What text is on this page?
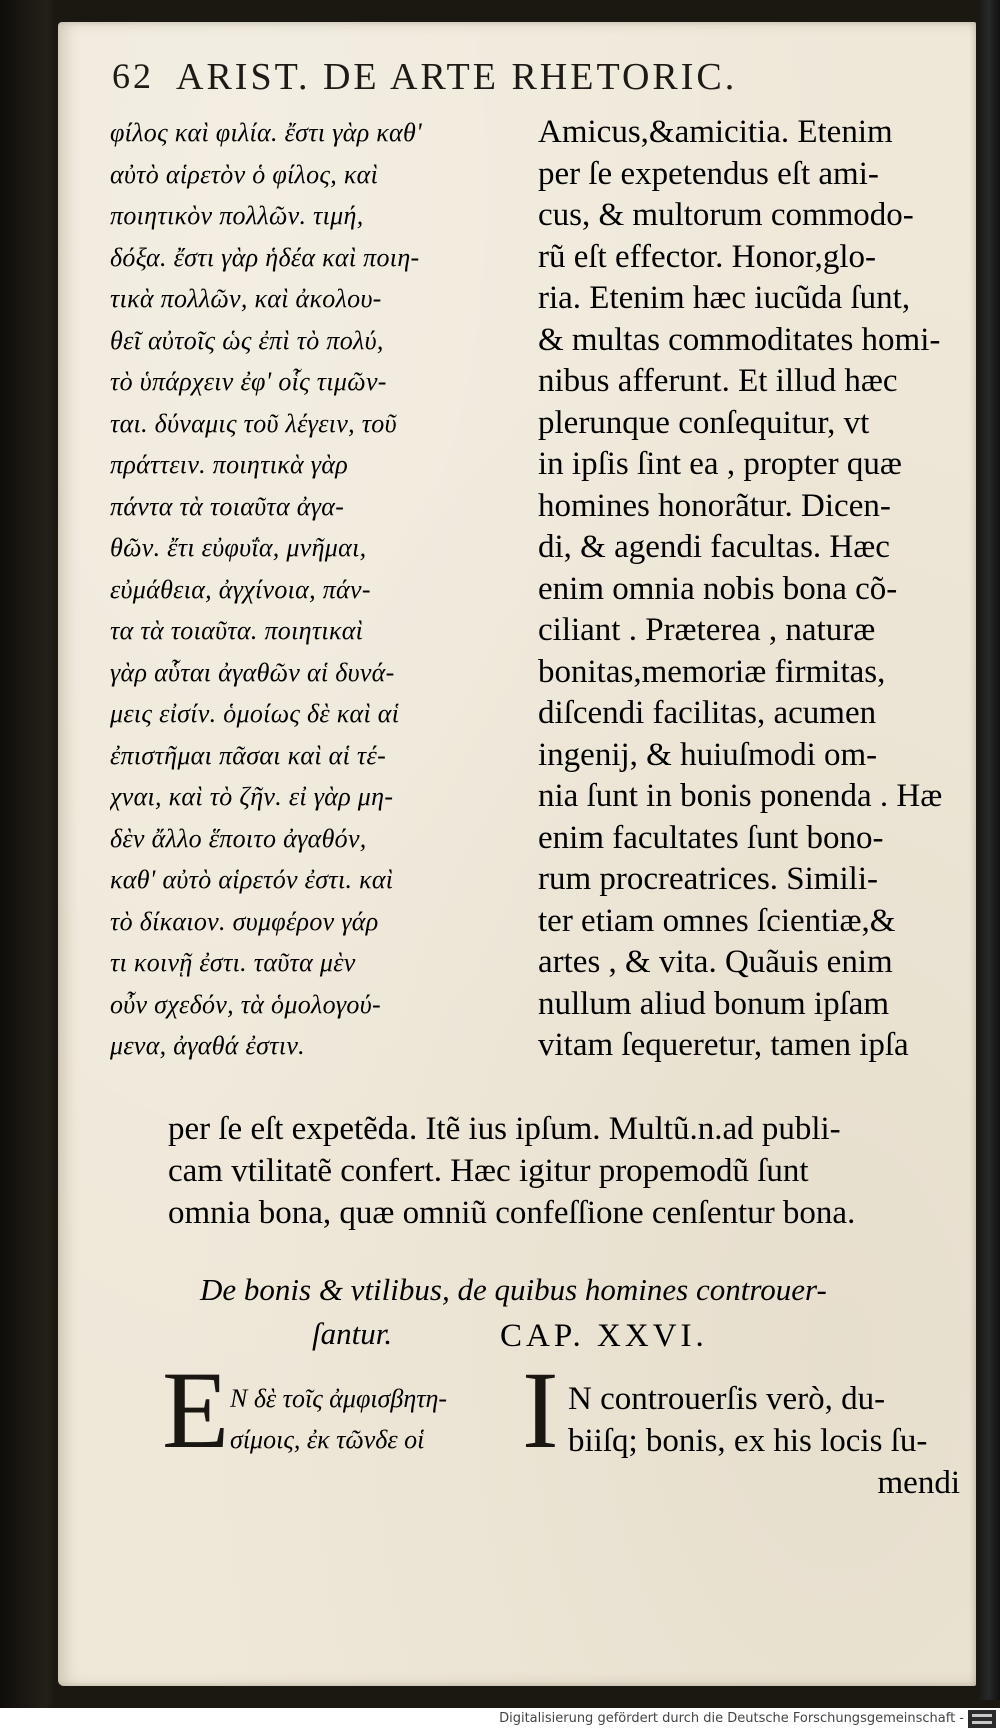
62 ARIST. DE ARTE RHETORIC.
φίλος καὶ φιλία. ἔστι γὰρ καθ'
αὐτὸ αἱρετὸν ὁ φίλος, καὶ
ποιητικὸν πολλῶν. τιμή,
δόξα. ἔστι γὰρ ἡδέα καὶ ποιη-
τικὰ πολλῶν, καὶ ἀκολου-
θεῖ αὐτοῖς ὡς ἐπὶ τὸ πολύ,
τὸ ὑπάρχειν ἐφ' οἷς τιμῶν-
ται. δύναμις τοῦ λέγειν, τοῦ
πράττειν. ποιητικὰ γὰρ
πάντα τὰ τοιαῦτα ἀγα-
θῶν. ἔτι εὐφυΐα, μνῆμαι,
εὐμάθεια, ἀγχίνοια, πάν-
τα τὰ τοιαῦτα. ποιητικαὶ
γὰρ αὗται ἀγαθῶν αἱ δυνά-
μεις εἰσίν. ὁμοίως δὲ καὶ αἱ
ἐπιστῆμαι πᾶσαι καὶ αἱ τέ-
χναι, καὶ τὸ ζῆν. εἰ γὰρ μη-
δὲν ἄλλο ἕποιτο ἀγαθόν,
καθ' αὐτὸ αἱρετόν ἐστι. καὶ
τὸ δίκαιον. συμφέρον γάρ
τι κοινῇ ἐστι. ταῦτα μὲν
οὖν σχεδόν, τὰ ὁμολογού-
μενα, ἀγαθά ἐστιν.
Amicus,&amicitia. Etenim
per ſe expetendus eſt ami-
cus, & multorum commodo-
rũ eſt effector. Honor,glo-
ria. Etenim hæc iucũda ſunt,
& multas commoditates homi-
nibus afferunt. Et illud hæc
plerunque conſequitur, vt
in ipſis ſint ea , propter quæ
homines honorãtur. Dicen-
di, & agendi facultas. Hæc
enim omnia nobis bona cõ-
ciliant . Præterea , naturæ
bonitas,memoriæ firmitas,
diſcendi facilitas, acumen
ingenij, & huiuſmodi om-
nia ſunt in bonis ponenda . Hæ
enim facultates ſunt bono-
rum procreatrices. Simili-
ter etiam omnes ſcientiæ,&
artes , & vita. Quãuis enim
nullum aliud bonum ipſam
vitam ſequeretur, tamen ipſa
per ſe eſt expetẽda. Itẽ ius ipſum. Multũ.n.ad publi-
cam vtilitatẽ confert. Hæc igitur propemodũ ſunt
omnia bona, quæ omniũ confeſſione cenſentur bona.
De bonis & vtilibus, de quibus homines controuer-
ſantur.	CAP. XXVI.
E Ν δὲ τοῖς ἀμφισβητη-
σίμοις, ἐκ τῶνδε οἱ I N controuerſis verò, du-
biiſq; bonis, ex his locis ſu-
mendi
Digitalisierung gefördert durch die Deutsche Forschungsgemeinschaft -
